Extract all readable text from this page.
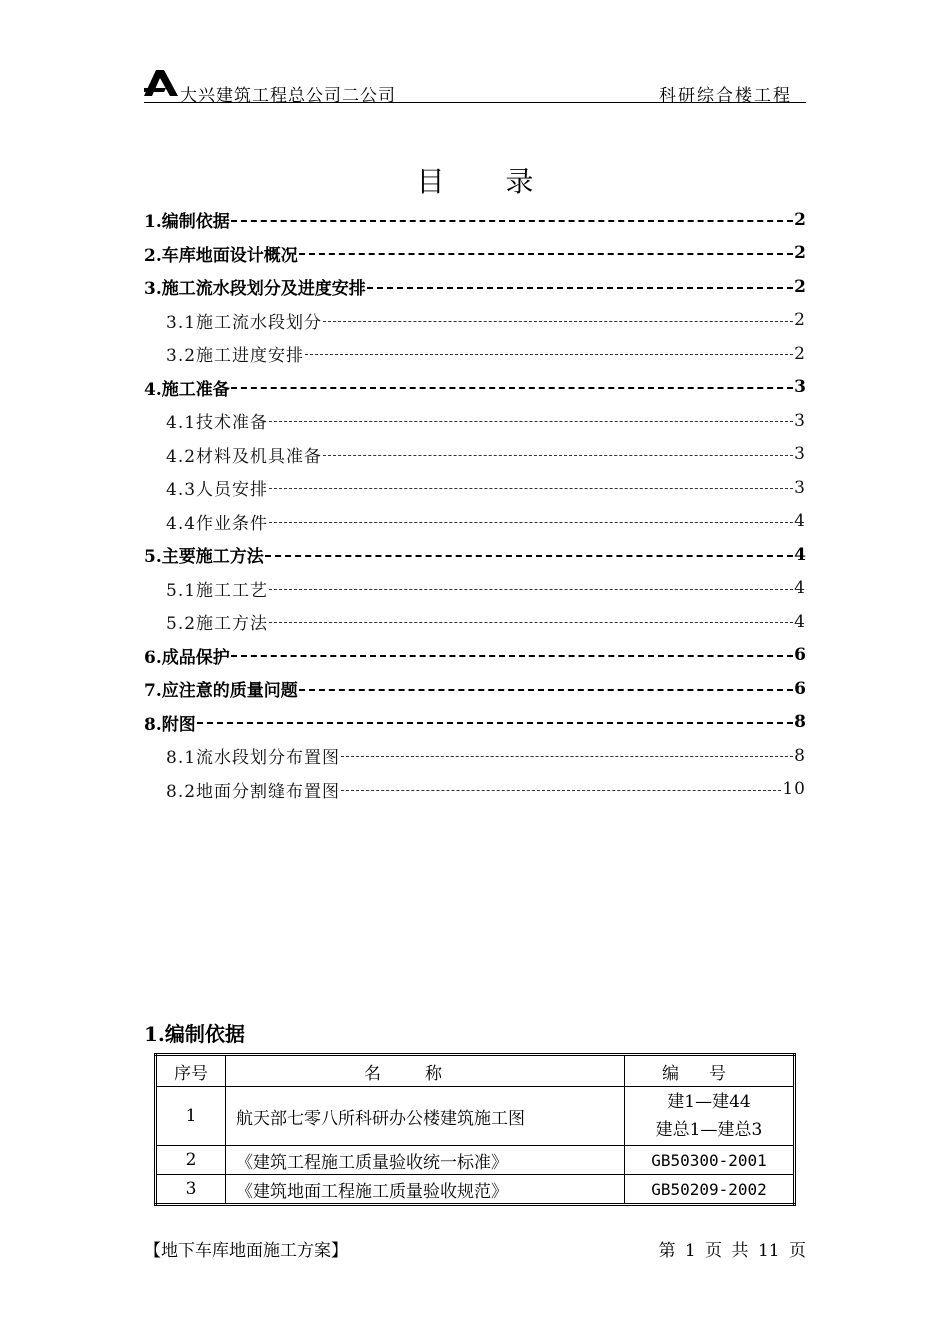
大兴建筑工程总公司二公司	科研综合楼工程
目 录
1.编制依据	2
2.车库地面设计概况	2
3.施工流水段划分及进度安排	2
3.1施工流水段划分	2
3.2施工进度安排	2
4.施工准备	3
4.1技术准备	3
4.2材料及机具准备	3
4.3人员安排	3
4.4作业条件	4
5.主要施工方法	4
5.1施工工艺	4
5.2施工方法	4
6.成品保护	6
7.应注意的质量问题	6
8.附图	8
8.1流水段划分布置图	8
8.2地面分割缝布置图	10
1.编制依据
序号	名称	编号
1	航天部七零八所科研办公楼建筑施工图	建1—建44
建总1—建总3

2	《建筑工程施工质量验收统一标准》	GB50300-2001
3	《建筑地面工程施工质量验收规范》	GB50209-2002
【地下车库地面施工方案】	第 1 页 共 11 页
